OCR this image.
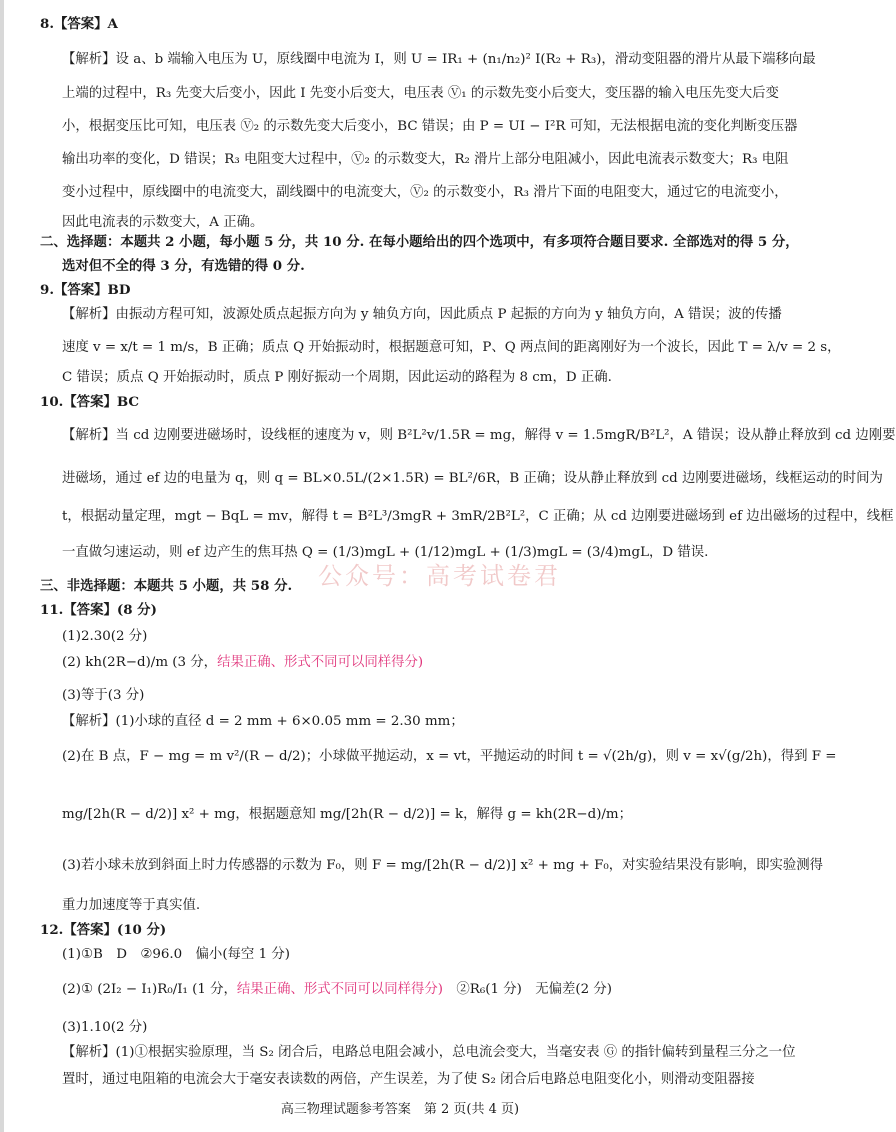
8.【答案】A
【解析】设 a、b 端输入电压为 U，原线圈中电流为 I，则 U = IR₁ + (n₁/n₂)² I(R₂ + R₃)，滑动变阻器的滑片从最下端移向最
上端的过程中，R₃ 先变大后变小，因此 I 先变小后变大，电压表 Ⓥ₁ 的示数先变小后变大，变压器的输入电压先变大后变
小，根据变压比可知，电压表 Ⓥ₂ 的示数先变大后变小，BC 错误；由 P = UI − I²R 可知，无法根据电流的变化判断变压器
输出功率的变化，D 错误；R₃ 电阻变大过程中，Ⓥ₂ 的示数变大，R₂ 滑片上部分电阻减小，因此电流表示数变大；R₃ 电阻
变小过程中，原线圈中的电流变大，副线圈中的电流变大，Ⓥ₂ 的示数变小，R₃ 滑片下面的电阻变大，通过它的电流变小，
因此电流表的示数变大，A 正确。
二、选择题：本题共 2 小题，每小题 5 分，共 10 分. 在每小题给出的四个选项中，有多项符合题目要求. 全部选对的得 5 分，
选对但不全的得 3 分，有选错的得 0 分.
9.【答案】BD
【解析】由振动方程可知，波源处质点起振方向为 y 轴负方向，因此质点 P 起振的方向为 y 轴负方向，A 错误；波的传播
速度 v = x/t = 1 m/s，B 正确；质点 Q 开始振动时，根据题意可知，P、Q 两点间的距离刚好为一个波长，因此 T = λ/v = 2 s，
C 错误；质点 Q 开始振动时，质点 P 刚好振动一个周期，因此运动的路程为 8 cm，D 正确.
10.【答案】BC
【解析】当 cd 边刚要进磁场时，设线框的速度为 v，则 B²L²v/1.5R = mg，解得 v = 1.5mgR/B²L²，A 错误；设从静止释放到 cd 边刚要
进磁场，通过 ef 边的电量为 q，则 q = BL×0.5L/(2×1.5R) = BL²/6R，B 正确；设从静止释放到 cd 边刚要进磁场，线框运动的时间为
t，根据动量定理，mgt − BqL = mv，解得 t = B²L³/3mgR + 3mR/2B²L²，C 正确；从 cd 边刚要进磁场到 ef 边出磁场的过程中，线框
一直做匀速运动，则 ef 边产生的焦耳热 Q = (1/3)mgL + (1/12)mgL + (1/3)mgL = (3/4)mgL，D 错误.
公众号：高考试卷君
三、非选择题：本题共 5 小题，共 58 分.
11.【答案】(8 分)
(1)2.30(2 分)
(2) kh(2R−d)/m (3 分，结果正确、形式不同可以同样得分)
(3)等于(3 分)
【解析】(1)小球的直径 d = 2 mm + 6×0.05 mm = 2.30 mm；
(2)在 B 点，F − mg = m v²/(R − d/2)；小球做平抛运动，x = vt，平抛运动的时间 t = √(2h/g)，则 v = x√(g/2h)，得到 F =
mg/[2h(R − d/2)] x² + mg，根据题意知 mg/[2h(R − d/2)] = k，解得 g = kh(2R−d)/m；
(3)若小球未放到斜面上时力传感器的示数为 F₀，则 F = mg/[2h(R − d/2)] x² + mg + F₀，对实验结果没有影响，即实验测得
重力加速度等于真实值.
12.【答案】(10 分)
(1)①B　D　②96.0　偏小(每空 1 分)
(2)① (2I₂ − I₁)R₀/I₁ (1 分，结果正确、形式不同可以同样得分)　②R₆(1 分)　无偏差(2 分)
(3)1.10(2 分)
【解析】(1)①根据实验原理，当 S₂ 闭合后，电路总电阻会减小，总电流会变大，当毫安表 Ⓖ 的指针偏转到量程三分之一位
置时，通过电阻箱的电流会大于毫安表读数的两倍，产生误差，为了使 S₂ 闭合后电路总电阻变化小，则滑动变阻器接
高三物理试题参考答案　第 2 页(共 4 页)
